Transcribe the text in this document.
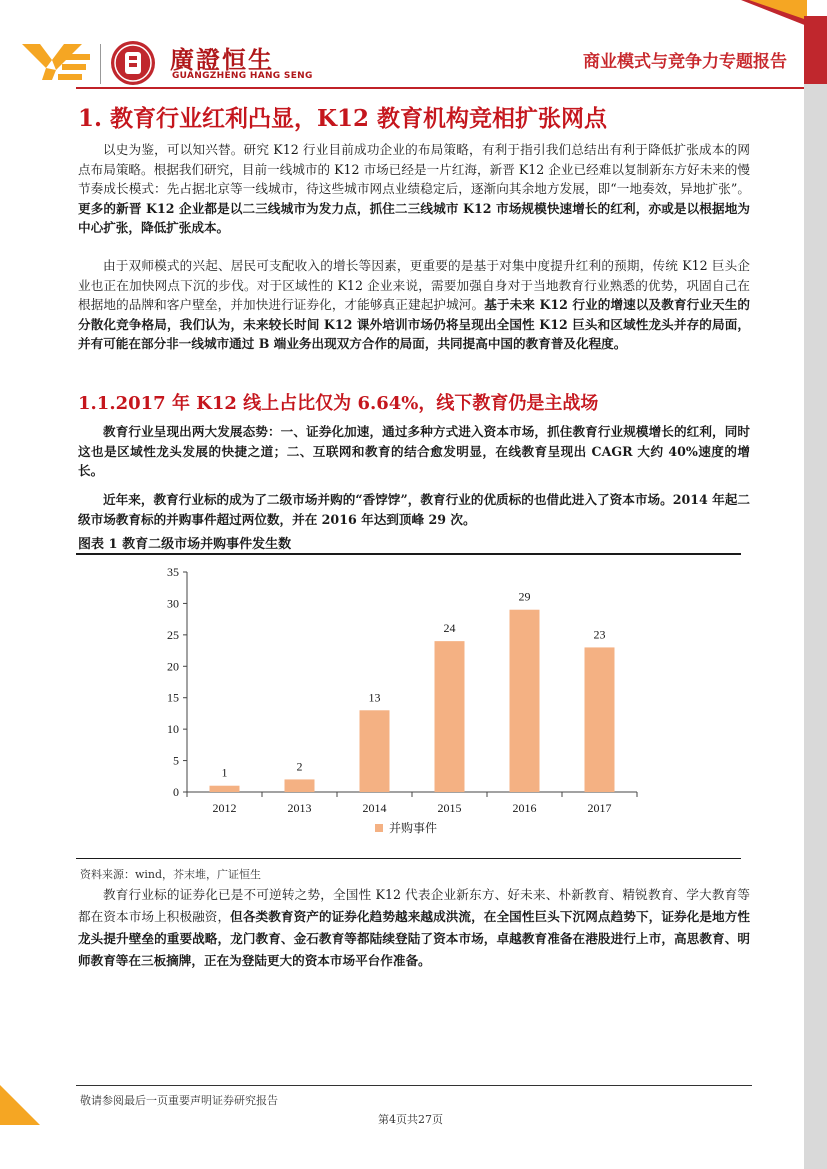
廣證恒生
GUANGZHENG HANG SENG
商业模式与竞争力专题报告
1. 教育行业红利凸显，K12 教育机构竞相扩张网点

以史为鉴，可以知兴替。研究 K12 行业目前成功企业的布局策略，有利于指引我们总结出有利于降低扩张成本的网点布局策略。根据我们研究，目前一线城市的 K12 市场已经是一片红海，新晋 K12 企业已经难以复制新东方好未来的慢节奏成长模式：先占据北京等一线城市，待这些城市网点业绩稳定后，逐渐向其余地方发展，即“一地奏效，异地扩张”。更多的新晋 K12 企业都是以二三线城市为发力点，抓住二三线城市 K12 市场规模快速增长的红利，亦或是以根据地为中心扩张，降低扩张成本。

由于双师模式的兴起、居民可支配收入的增长等因素，更重要的是基于对集中度提升红利的预期，传统 K12 巨头企业也正在加快网点下沉的步伐。对于区域性的 K12 企业来说，需要加强自身对于当地教育行业熟悉的优势，巩固自己在根据地的品牌和客户壁垒，并加快进行证券化，才能够真正建起护城河。基于未来 K12 行业的增速以及教育行业天生的分散化竞争格局，我们认为，未来较长时间 K12 课外培训市场仍将呈现出全国性 K12 巨头和区域性龙头并存的局面，并有可能在部分非一线城市通过 B 端业务出现双方合作的局面，共同提高中国的教育普及化程度。

1.1.2017 年 K12 线上占比仅为 6.64%，线下教育仍是主战场

教育行业呈现出两大发展态势：一、证券化加速，通过多种方式进入资本市场，抓住教育行业规模增长的红利，同时这也是区域性龙头发展的快捷之道；二、互联网和教育的结合愈发明显，在线教育呈现出 CAGR 大约 40%速度的增长。

近年来，教育行业标的成为了二级市场并购的“香饽饽”，教育行业的优质标的也借此进入了资本市场。2014 年起二级市场教育标的并购事件超过两位数，并在 2016 年达到顶峰 29 次。

图表 1 教育二级市场并购事件发生数
0
5
10
15
20
25
30
35
1
2012
2
2013
13
2014
24
2015
29
2016
23
2017
并购事件
资料来源：wind，芥末堆，广证恒生

教育行业标的证券化已是不可逆转之势，全国性 K12 代表企业新东方、好未来、朴新教育、精锐教育、学大教育等都在资本市场上积极融资，但各类教育资产的证券化趋势越来越成洪流，在全国性巨头下沉网点趋势下，证券化是地方性龙头提升壁垒的重要战略，龙门教育、金石教育等都陆续登陆了资本市场，卓越教育准备在港股进行上市，高思教育、明师教育等在三板摘牌，正在为登陆更大的资本市场平台作准备。

敬请参阅最后一页重要声明证券研究报告
第4页共27页
